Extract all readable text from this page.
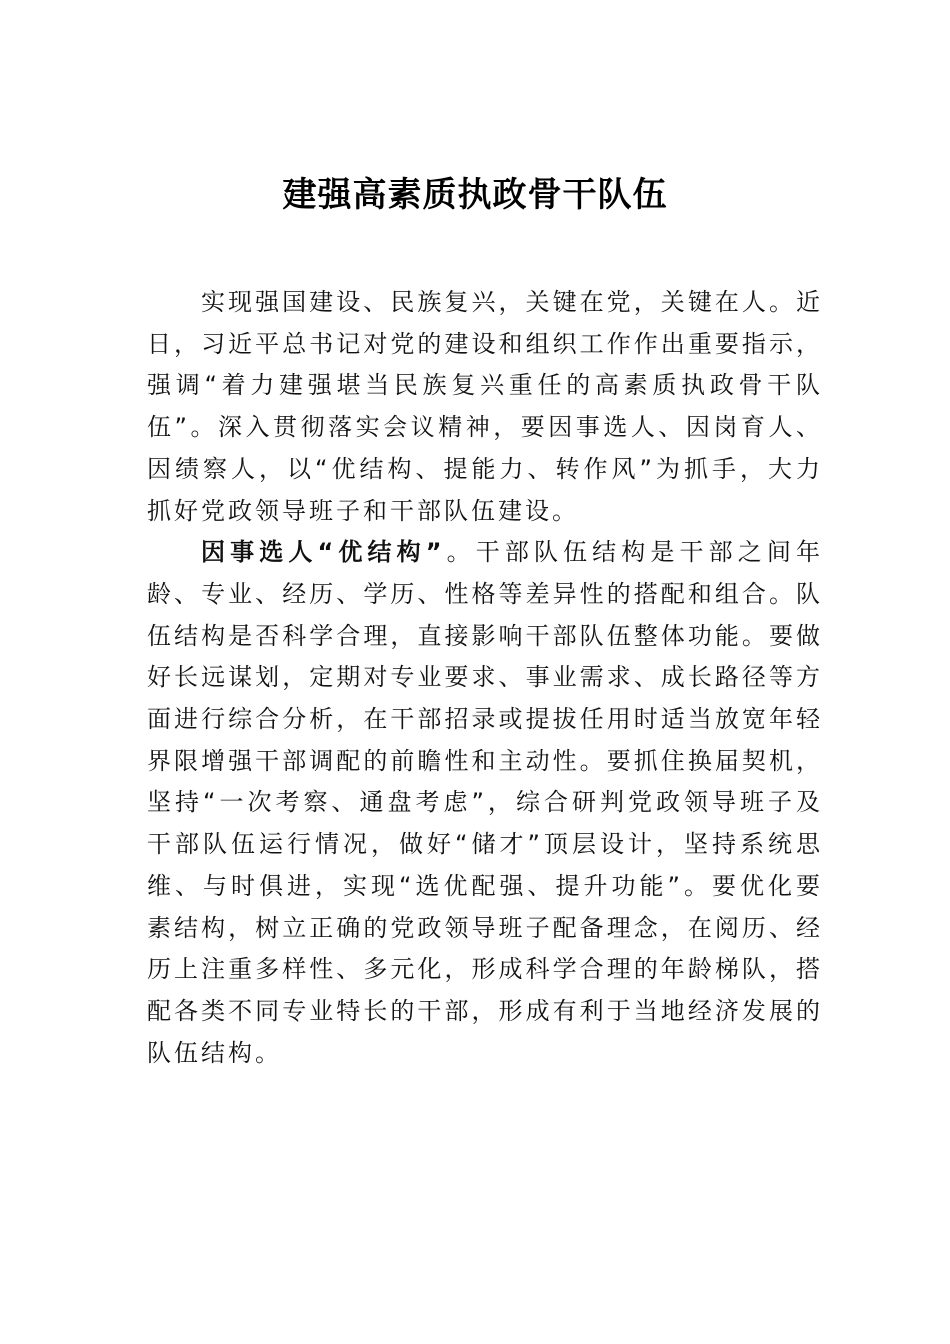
建强高素质执政骨干队伍

实现强国建设、民族复兴，关键在党，关键在人。近日，习近平总书记对党的建设和组织工作作出重要指示，强调“着力建强堪当民族复兴重任的高素质执政骨干队伍”。深入贯彻落实会议精神，要因事选人、因岗育人、因绩察人，以“优结构、提能力、转作风”为抓手，大力抓好党政领导班子和干部队伍建设。

因事选人“优结构”。干部队伍结构是干部之间年龄、专业、经历、学历、性格等差异性的搭配和组合。队伍结构是否科学合理，直接影响干部队伍整体功能。要做好长远谋划，定期对专业要求、事业需求、成长路径等方面进行综合分析，在干部招录或提拔任用时适当放宽年轻界限增强干部调配的前瞻性和主动性。要抓住换届契机，坚持“一次考察、通盘考虑”，综合研判党政领导班子及干部队伍运行情况，做好“储才”顶层设计，坚持系统思维、与时俱进，实现“选优配强、提升功能”。要优化要素结构，树立正确的党政领导班子配备理念，在阅历、经历上注重多样性、多元化，形成科学合理的年龄梯队，搭配各类不同专业特长的干部，形成有利于当地经济发展的队伍结构。
